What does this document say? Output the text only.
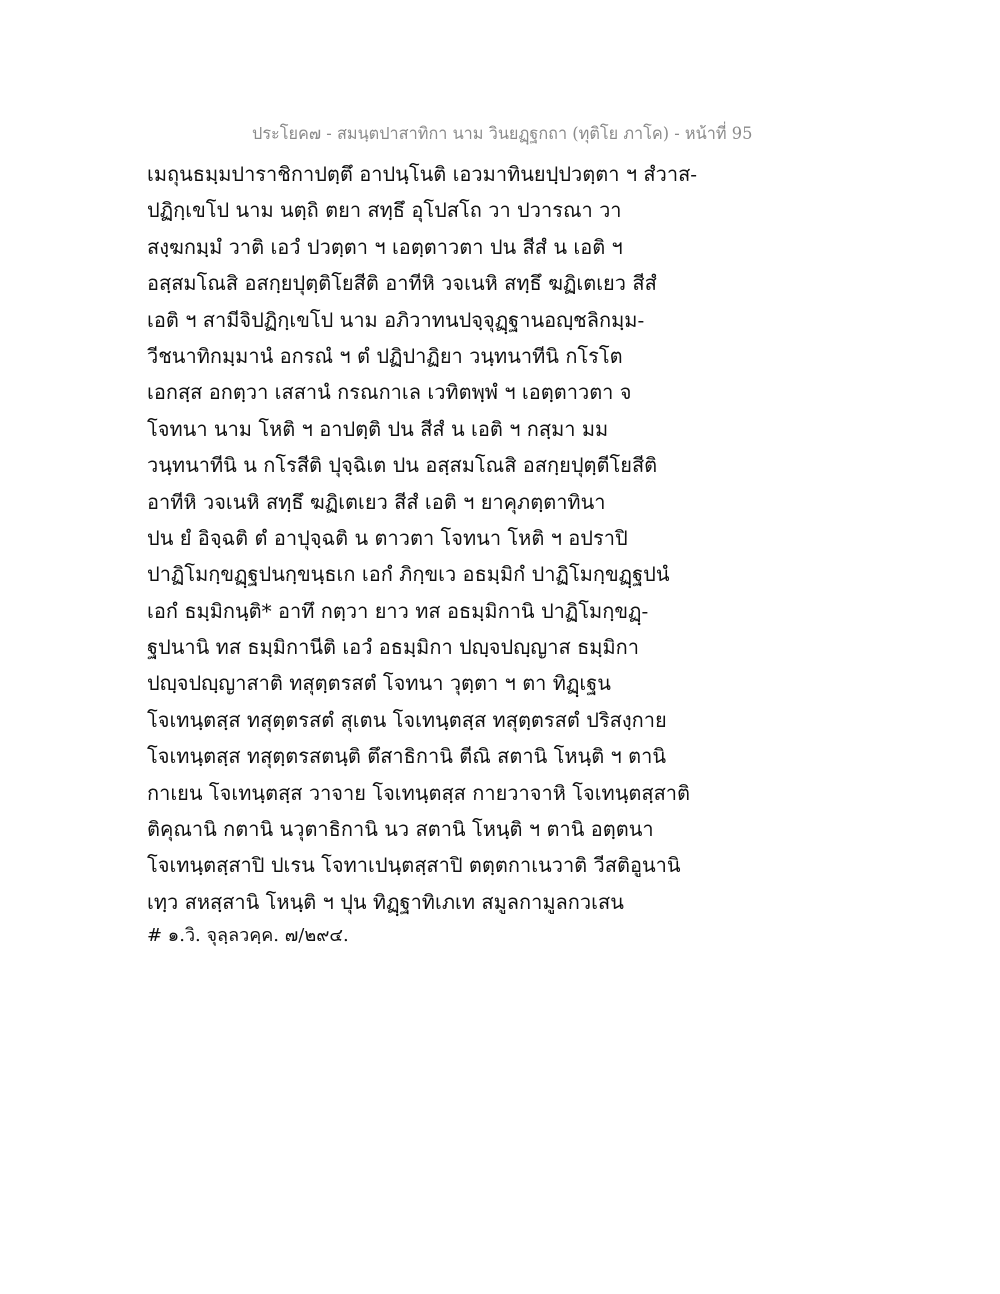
ประโยค๗ - สมนฺตปาสาทิกา นาม วินยฏฺฐกถา (ทุติโย ภาโค) - หน้าที่ 95
เมถุนธมฺมปาราชิกาปตฺตึ อาปนฺโนติ เอวมาทินยปฺปวตฺตา ฯ สํวาส-
ปฏิกฺเขโป นาม นตฺถิ ตยา สทฺธึ อุโปสโถ วา ปวารณา วา
สงฺฆกมฺมํ วาติ เอวํ ปวตฺตา ฯ เอตฺตาวตา ปน สีสํ น เอติ ฯ
อสฺสมโณสิ อสกฺยปุตฺติโยสีติ อาทีหิ วจเนหิ สทฺธึ ฆฏิเตเยว สีสํ
เอติ ฯ สามีจิปฏิกฺเขโป นาม อภิวาทนปจฺจุฏฺฐานอญฺชลิกมฺม-
วีชนาทิกมฺมานํ อกรณํ ฯ ตํ ปฏิปาฏิยา วนฺทนาทีนิ กโรโต
เอกสฺส อกตฺวา เสสานํ กรณกาเล เวทิตพฺพํ ฯ เอตฺตาวตา จ
โจทนา นาม โหติ ฯ อาปตฺติ ปน สีสํ น เอติ ฯ กสฺมา มม
วนฺทนาทีนิ น กโรสีติ ปุจฺฉิเต ปน อสฺสมโณสิ อสกฺยปุตฺตีโยสีติ
อาทีหิ วจเนหิ สทฺธึ ฆฏิเตเยว สีสํ เอติ ฯ ยาคุภตฺตาทินา
ปน ยํ อิจฺฉติ ตํ อาปุจฺฉติ น ตาวตา โจทนา โหติ ฯ อปราปิ
ปาฏิโมกฺขฏฺฐปนกฺขนฺธเก เอกํ ภิกฺขเว อธมฺมิกํ ปาฏิโมกฺขฏฺฐปนํ
เอกํ ธมฺมิกนฺติ* อาทึ กตฺวา ยาว ทส อธมฺมิกานิ ปาฏิโมกฺขฏฺ-
ฐปนานิ ทส ธมฺมิกานีติ เอวํ อธมฺมิกา ปญฺจปญฺญาส ธมฺมิกา
ปญฺจปญฺญาสาติ ทสุตฺตรสตํ โจทนา วุตฺตา ฯ ตา ทิฏฺเฐน
โจเทนฺตสฺส ทสุตฺตรสตํ สุเตน โจเทนฺตสฺส ทสุตฺตรสตํ ปริสงฺกาย
โจเทนฺตสฺส ทสุตฺตรสตนฺติ ตึสาธิกานิ ตีณิ สตานิ โหนฺติ ฯ ตานิ
กาเยน โจเทนฺตสฺส วาจาย โจเทนฺตสฺส กายวาจาหิ โจเทนฺตสฺสาติ
ติคุณานิ กตานิ นวุตาธิกานิ นว สตานิ โหนฺติ ฯ ตานิ อตฺตนา
โจเทนฺตสฺสาปิ ปเรน โจทาเปนฺตสฺสาปิ ตตฺตกาเนวาติ วีสติอูนานิ
เทฺว สหสฺสานิ โหนฺติ ฯ ปุน ทิฏฺฐาทิเภเท สมูลกามูลกวเสน
# ๑.วิ. จุลฺลวคฺค. ๗/๒๙๔.
